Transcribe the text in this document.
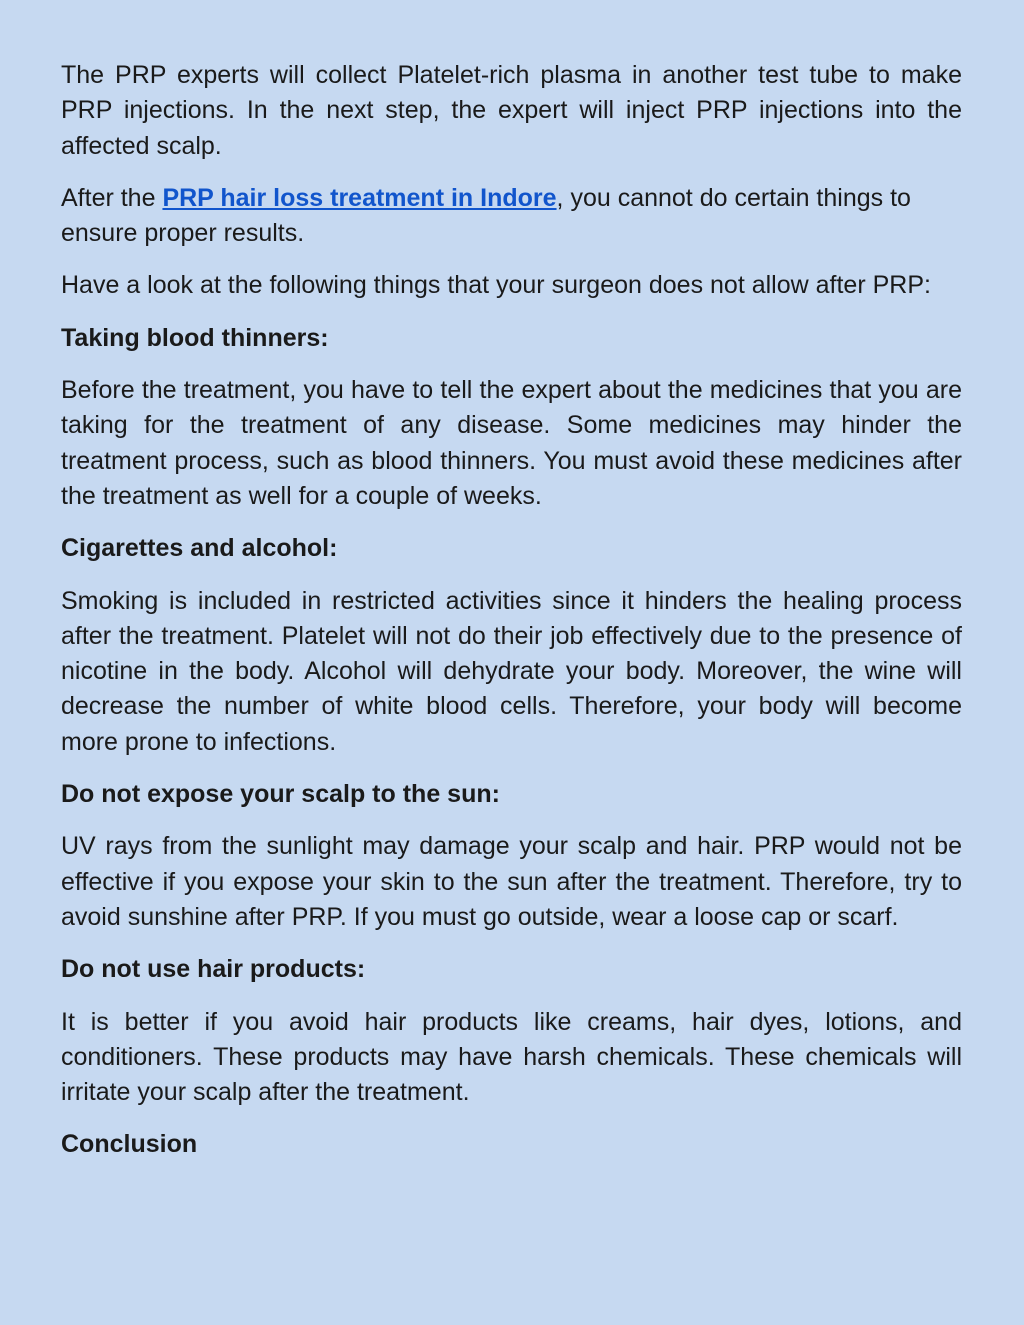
The PRP experts will collect Platelet-rich plasma in another test tube to make PRP injections. In the next step, the expert will inject PRP injections into the affected scalp.

After the PRP hair loss treatment in Indore, you cannot do certain things to ensure proper results.

Have a look at the following things that your surgeon does not allow after PRP:

Taking blood thinners:

Before the treatment, you have to tell the expert about the medicines that you are taking for the treatment of any disease. Some medicines may hinder the treatment process, such as blood thinners. You must avoid these medicines after the treatment as well for a couple of weeks.

Cigarettes and alcohol:

Smoking is included in restricted activities since it hinders the healing process after the treatment. Platelet will not do their job effectively due to the presence of nicotine in the body. Alcohol will dehydrate your body. Moreover, the wine will decrease the number of white blood cells. Therefore, your body will become more prone to infections.

Do not expose your scalp to the sun:

UV rays from the sunlight may damage your scalp and hair. PRP would not be effective if you expose your skin to the sun after the treatment. Therefore, try to avoid sunshine after PRP. If you must go outside, wear a loose cap or scarf.

Do not use hair products:

It is better if you avoid hair products like creams, hair dyes, lotions, and conditioners. These products may have harsh chemicals. These chemicals will irritate your scalp after the treatment.

Conclusion
